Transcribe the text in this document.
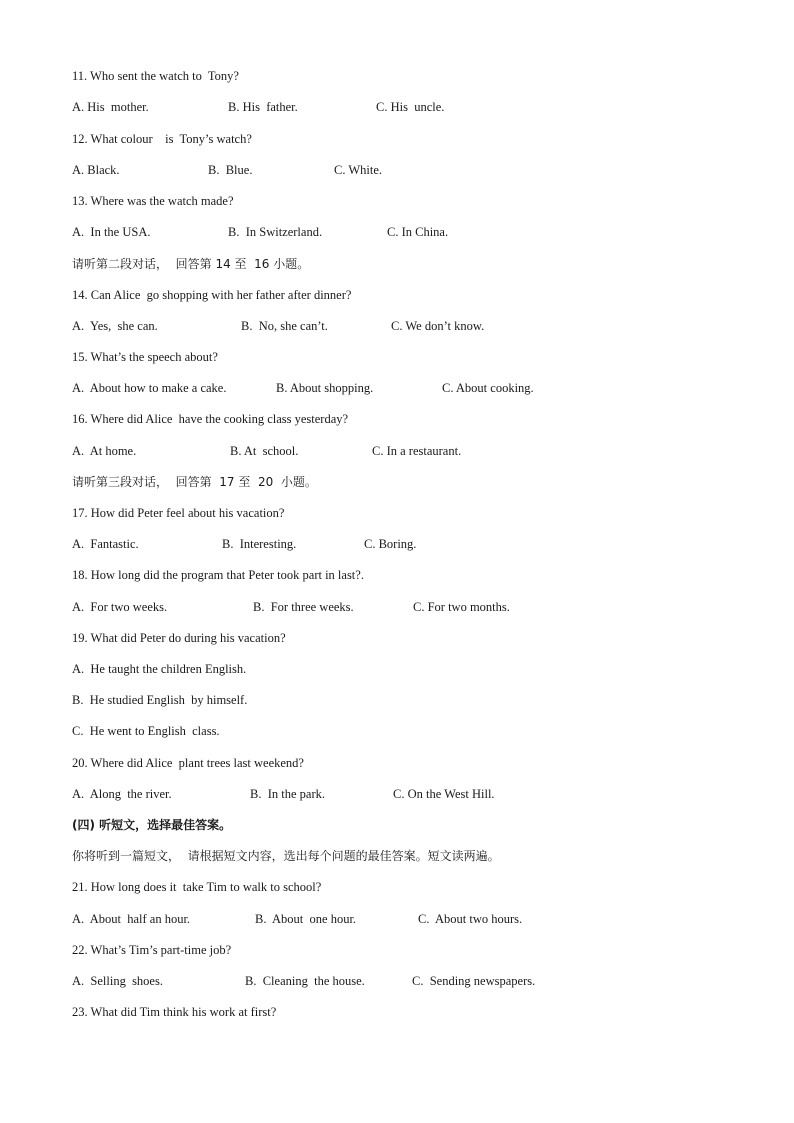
11. Who sent the watch to  Tony?
A. His  mother.	B. His  father.	C. His  uncle.
12. What colour    is  Tony’s watch?
A. Black.	B.  Blue.	C. White.
13. Where was the watch made?
A.  In the USA.	B.  In Switzerland.	C. In China.
请听第二段对话，  回答第 14 至  16 小题。
14. Can Alice  go shopping with her father after dinner?
A.  Yes,  she can.	B.  No, she can’t.	C. We don’t know.
15. What’s the speech about?
A.  About how to make a cake.	B. About shopping.	C. About cooking.
16. Where did Alice  have the cooking class yesterday?
A.  At home.	B. At  school.	C. In a restaurant.
请听第三段对话，  回答第  17 至  20  小题。
17. How did Peter feel about his vacation?
A.  Fantastic.	B.  Interesting.	C. Boring.
18. How long did the program that Peter took part in last?.
A.  For two weeks.	B.  For three weeks.	C. For two months.
19. What did Peter do during his vacation?
A.  He taught the children English.
B.  He studied English  by himself.
C.  He went to English  class.
20. Where did Alice  plant trees last weekend?
A.  Along  the river.	B.  In the park.	C. On the West Hill.
(四) 听短文，选择最佳答案。
你将听到一篇短文，  请根据短文内容，选出每个问题的最佳答案。短文读两遍。
21. How long does it  take Tim to walk to school?
A.  About  half an hour.	B.  About  one hour.	C.  About two hours.
22. What’s Tim’s part-time job?
A.  Selling  shoes.	B.  Cleaning  the house.	C.  Sending newspapers.
23. What did Tim think his work at first?
